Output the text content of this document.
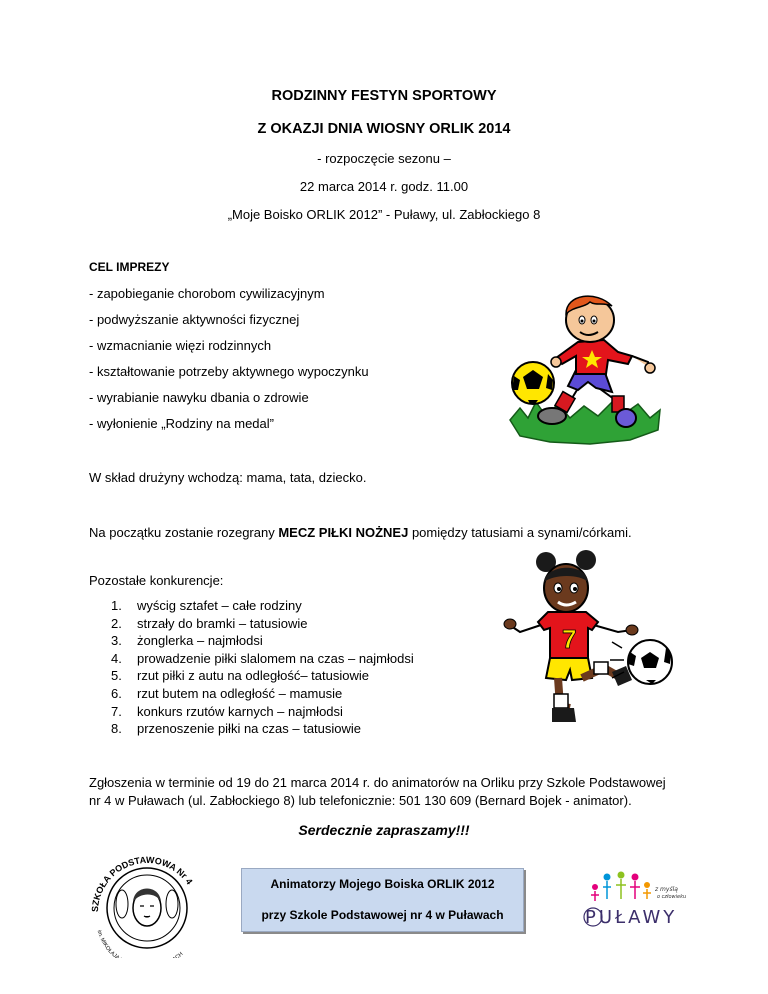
RODZINNY FESTYN SPORTOWY
Z OKAZJI DNIA WIOSNY ORLIK 2014
- rozpoczęcie sezonu –
22 marca 2014 r. godz. 11.00
„Moje Boisko ORLIK 2012” - Puławy, ul. Zabłockiego 8
CEL IMPREZY
- zapobieganie chorobom cywilizacyjnym
- podwyższanie aktywności fizycznej
- wzmacnianie więzi rodzinnych
- kształtowanie potrzeby aktywnego wypoczynku
- wyrabianie nawyku dbania o zdrowie
- wyłonienie „Rodziny na medal”
W skład drużyny wchodzą: mama, tata, dziecko.
Na początku zostanie rozegrany MECZ PIŁKI NOŻNEJ pomiędzy tatusiami a synami/córkami.
Pozostałe konkurencje:
1. wyścig sztafet – całe rodziny
2. strzały do bramki – tatusiowie
3. żonglerka – najmłodsi
4. prowadzenie piłki slalomem na czas – najmłodsi
5. rzut piłki z autu na odległość– tatusiowie
6. rzut butem na odległość – mamusie
7. konkurs rzutów karnych – najmłodsi
8. przenoszenie piłki na czas – tatusiowie
7
Zgłoszenia w terminie od 19 do 21 marca 2014 r. do animatorów na Orliku przy Szkole Podstawowej
nr 4 w Puławach (ul. Zabłockiego 8) lub telefonicznie: 501 130 609 (Bernard Bojek - animator).
Serdecznie zapraszamy!!!
SZKOŁA PODSTAWOWA Nr 4
im. MIKOŁAJA CH
Animatorzy Mojego Boiska ORLIK 2012
przy Szkole Podstawowej nr 4 w Puławach
z myślą
o człowieku
PUŁAWY
